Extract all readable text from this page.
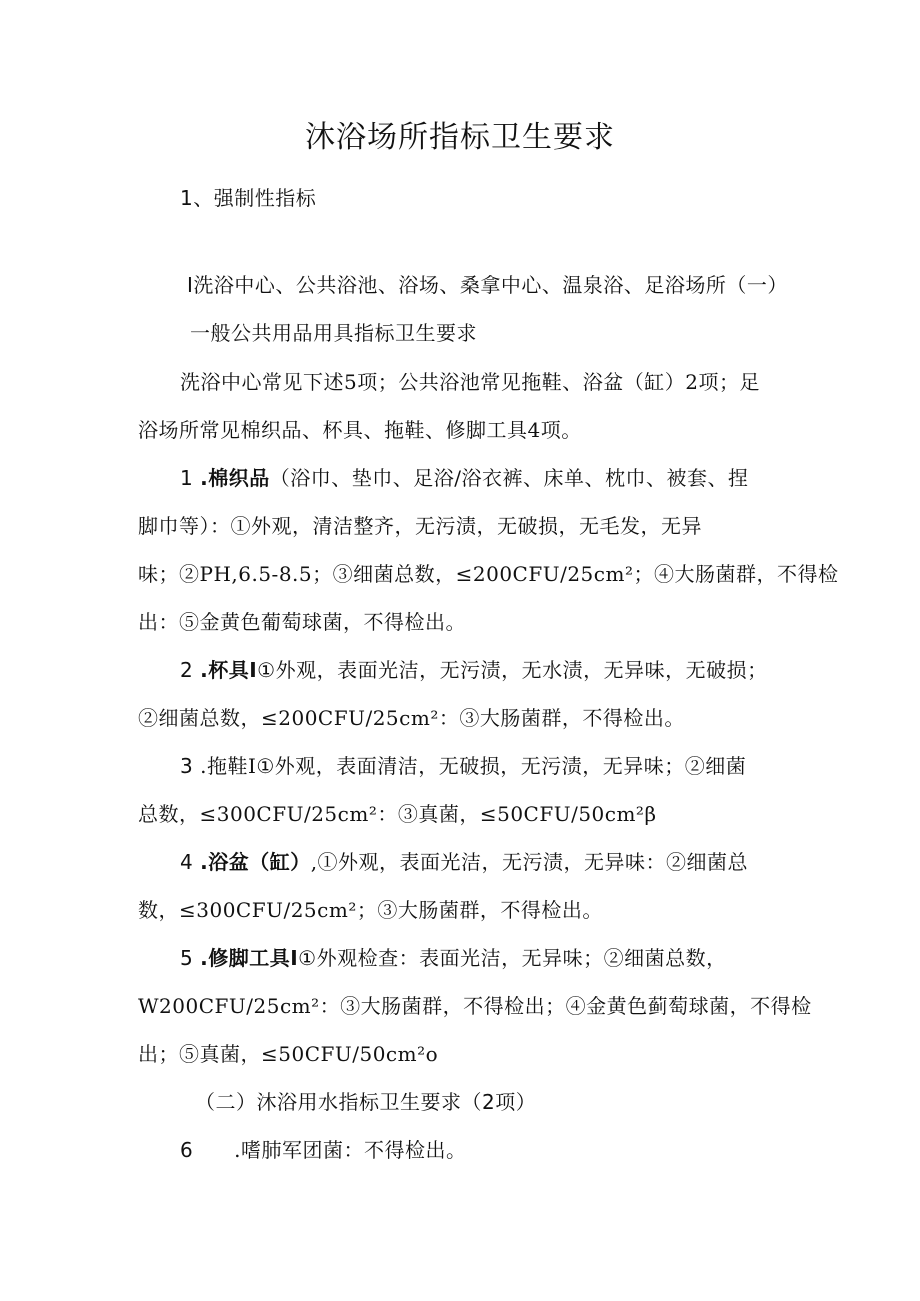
沐浴场所指标卫生要求
1、强制性指标
I洗浴中心、公共浴池、浴场、桑拿中心、温泉浴、足浴场所（一）
一般公共用品用具指标卫生要求
洗浴中心常见下述5项；公共浴池常见拖鞋、浴盆（缸）2项；足
浴场所常见棉织品、杯具、拖鞋、修脚工具4项。
1 .棉织品（浴巾、垫巾、足浴/浴衣裤、床单、枕巾、被套、捏
脚巾等）：①外观，清洁整齐，无污渍，无破损，无毛发，无异
味；②PH,6.5-8.5；③细菌总数，≤200CFU/25cm²；④大肠菌群，不得检
出：⑤金黄色葡萄球菌，不得检出。
2 .杯具I①外观，表面光洁，无污渍，无水渍，无异味，无破损；
②细菌总数，≤200CFU/25cm²：③大肠菌群，不得检出。
3 .拖鞋I①外观，表面清洁，无破损，无污渍，无异味；②细菌
总数，≤300CFU/25cm²：③真菌，≤50CFU/50cm²β
4 .浴盆（缸）,①外观，表面光洁，无污渍，无异味：②细菌总
数，≤300CFU/25cm²；③大肠菌群，不得检出。
5 .修脚工具I①外观检查：表面光洁，无异味；②细菌总数，
W200CFU/25cm²：③大肠菌群，不得检出；④金黄色蓟萄球菌，不得检
出；⑤真菌，≤50CFU/50cm²o
（二）沐浴用水指标卫生要求（2项）
6 .嗜肺军团菌：不得检出。
